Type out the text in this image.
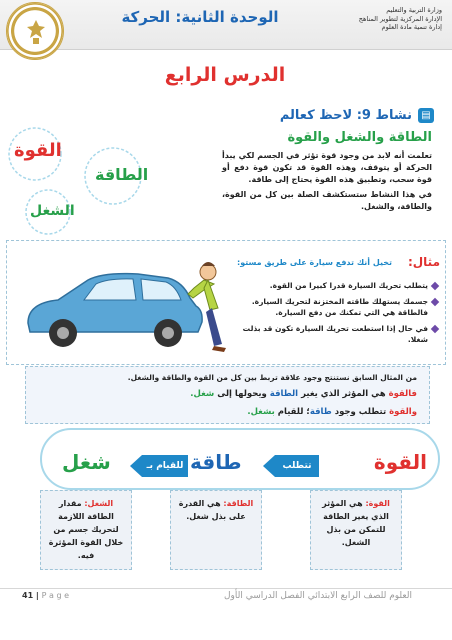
وزارة التربية والتعليم
الإدارة المركزية لتطوير المناهج
إدارة تنمية مادة العلوم
الوحدة الثانية: الحركة
الدرس الرابع
▤
نشاط 9: لاحظ كعالم
الطاقة والشغل والقوة

تعلمت أنه لابد من وجود قوة تؤثر في الجسم لكي يبدأ الحركة أو يتوقف، وهذه القوة قد تكون قوة دفع أو قوة سحب، وتطبيق هذه القوة يحتاج إلى طاقة.

في هذا النشاط ستستكشف الصلة بين كل من القوة، والطاقة، والشغل.

القوة
الطاقة
الشغل
مثال:
تخيل أنك تدفع سيارة على طريق مستو:
يتطلب تحريك السيارة قدرا كبيرا من القوة.
جسمك يستهلك طاقته المختزنة لتحريك السيارة. فالطاقة هي التي تمكنك من دفع السيارة.
في حال إذا استطعت تحريك السيارة تكون قد بذلت شغلا.
من المثال السابق نستنتج وجود علاقة تربط بين كل من القوة والطاقة والشغل.
فالقوة هي المؤثر الذي يغير الطاقة ويحولها إلى شغل.
والقوة تتطلب وجود طاقة؛ للقيام بشغل.
القوة
تتطلب
طاقة
للقيام بـ
شغل
القوة: هي المؤثر الذي يغير الطاقة للتمكن من بذل الشغل.
الطاقة: هي القدرة على بذل شغل.
الشغل: مقدار الطاقة اللازمة لتحريك جسم من خلال القوة المؤثرة فيه.
العلوم للصف الرابع الابتدائي الفصل الدراسي الأول
41 | P a g e
